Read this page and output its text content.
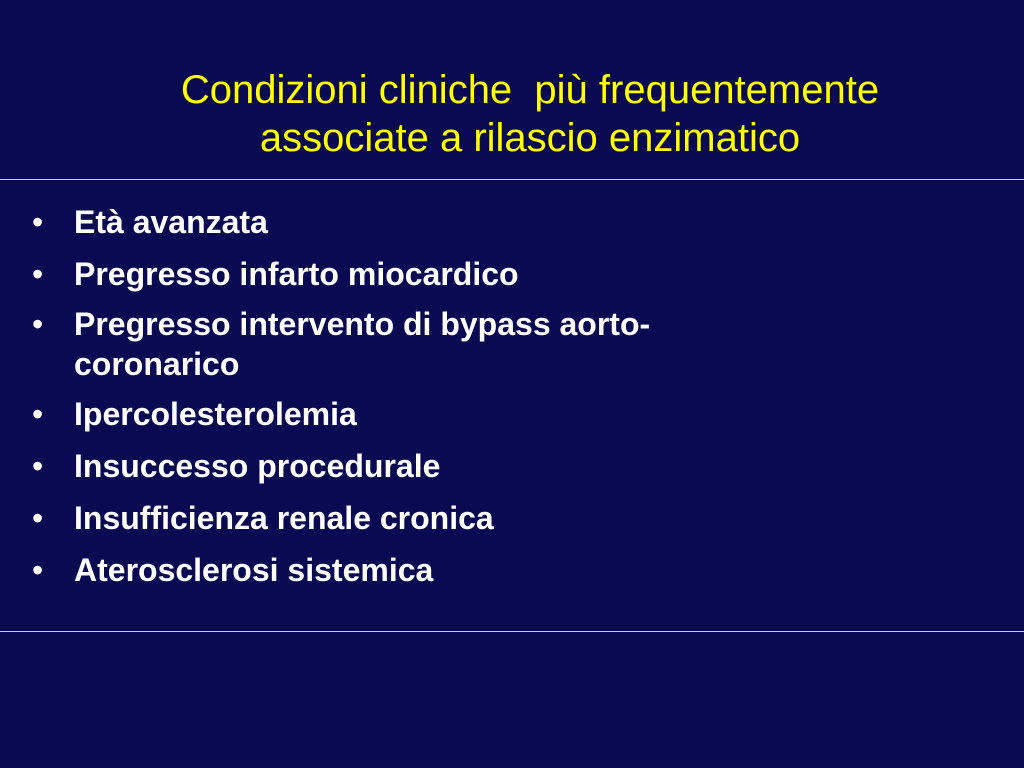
Condizioni cliniche  più frequentemente
associate a rilascio enzimatico
• Età avanzata
• Pregresso infarto miocardico
• Pregresso intervento di bypass aorto-coronarico
• Ipercolesterolemia
• Insuccesso procedurale
• Insufficienza renale cronica
• Aterosclerosi sistemica
